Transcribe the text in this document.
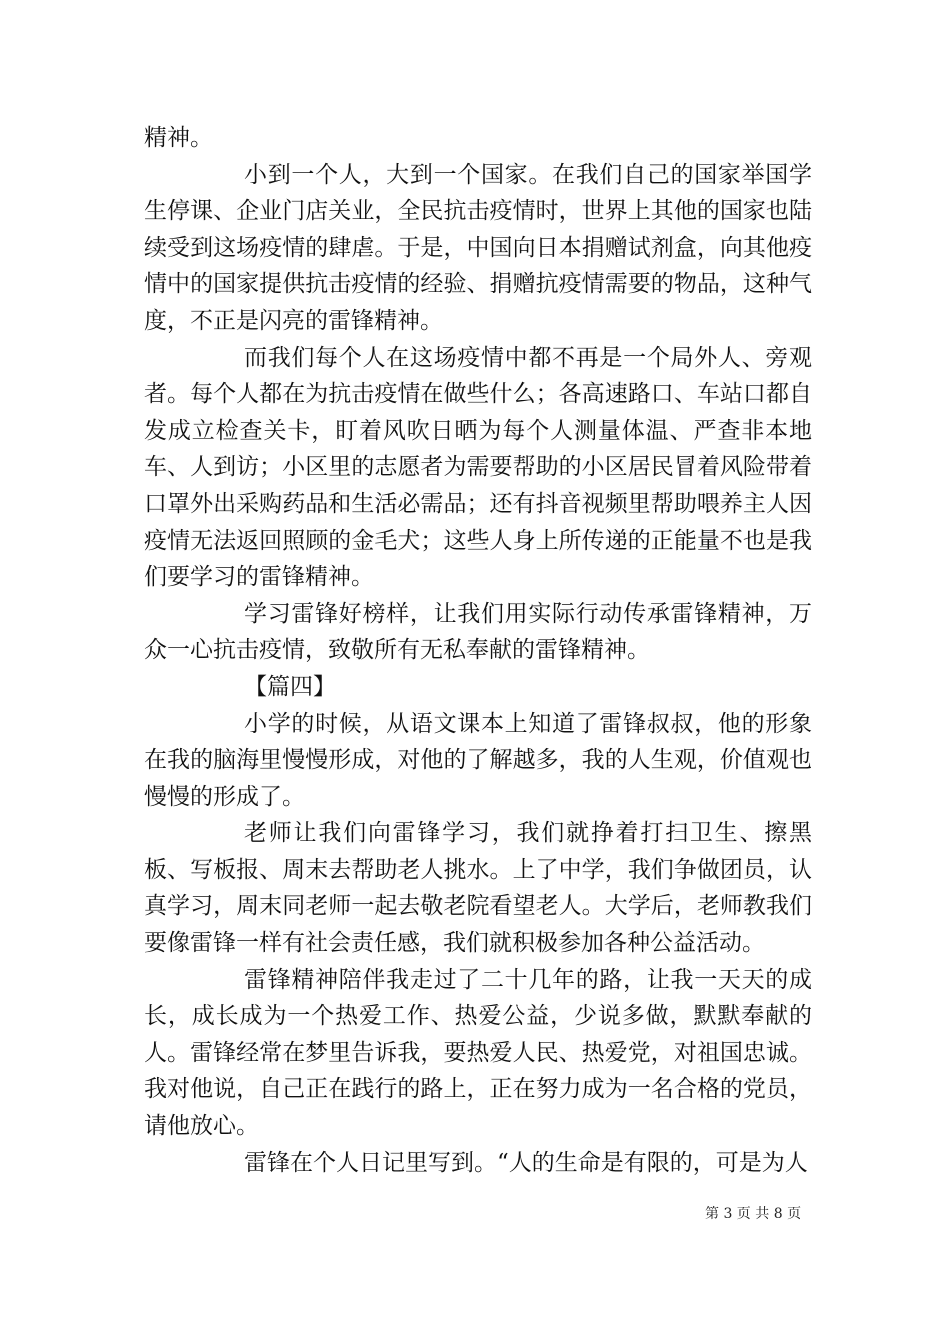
精神。

小到一个人，大到一个国家。在我们自己的国家举国学生停课、企业门店关业，全民抗击疫情时，世界上其他的国家也陆续受到这场疫情的肆虐。于是，中国向日本捐赠试剂盒，向其他疫情中的国家提供抗击疫情的经验、捐赠抗疫情需要的物品，这种气度，不正是闪亮的雷锋精神。

而我们每个人在这场疫情中都不再是一个局外人、旁观者。每个人都在为抗击疫情在做些什么；各高速路口、车站口都自发成立检查关卡，盯着风吹日晒为每个人测量体温、严查非本地车、人到访；小区里的志愿者为需要帮助的小区居民冒着风险带着口罩外出采购药品和生活必需品；还有抖音视频里帮助喂养主人因疫情无法返回照顾的金毛犬；这些人身上所传递的正能量不也是我们要学习的雷锋精神。

学习雷锋好榜样，让我们用实际行动传承雷锋精神，万众一心抗击疫情，致敬所有无私奉献的雷锋精神。

【篇四】

小学的时候，从语文课本上知道了雷锋叔叔，他的形象在我的脑海里慢慢形成，对他的了解越多，我的人生观，价值观也慢慢的形成了。

老师让我们向雷锋学习，我们就挣着打扫卫生、擦黑板、写板报、周末去帮助老人挑水。上了中学，我们争做团员，认真学习，周末同老师一起去敬老院看望老人。大学后，老师教我们要像雷锋一样有社会责任感，我们就积极参加各种公益活动。

雷锋精神陪伴我走过了二十几年的路，让我一天天的成长，成长成为一个热爱工作、热爱公益，少说多做，默默奉献的人。雷锋经常在梦里告诉我，要热爱人民、热爱党，对祖国忠诚。我对他说，自己正在践行的路上，正在努力成为一名合格的党员，请他放心。

雷锋在个人日记里写到。“人的生命是有限的，可是为人

第 3 页 共 8 页
